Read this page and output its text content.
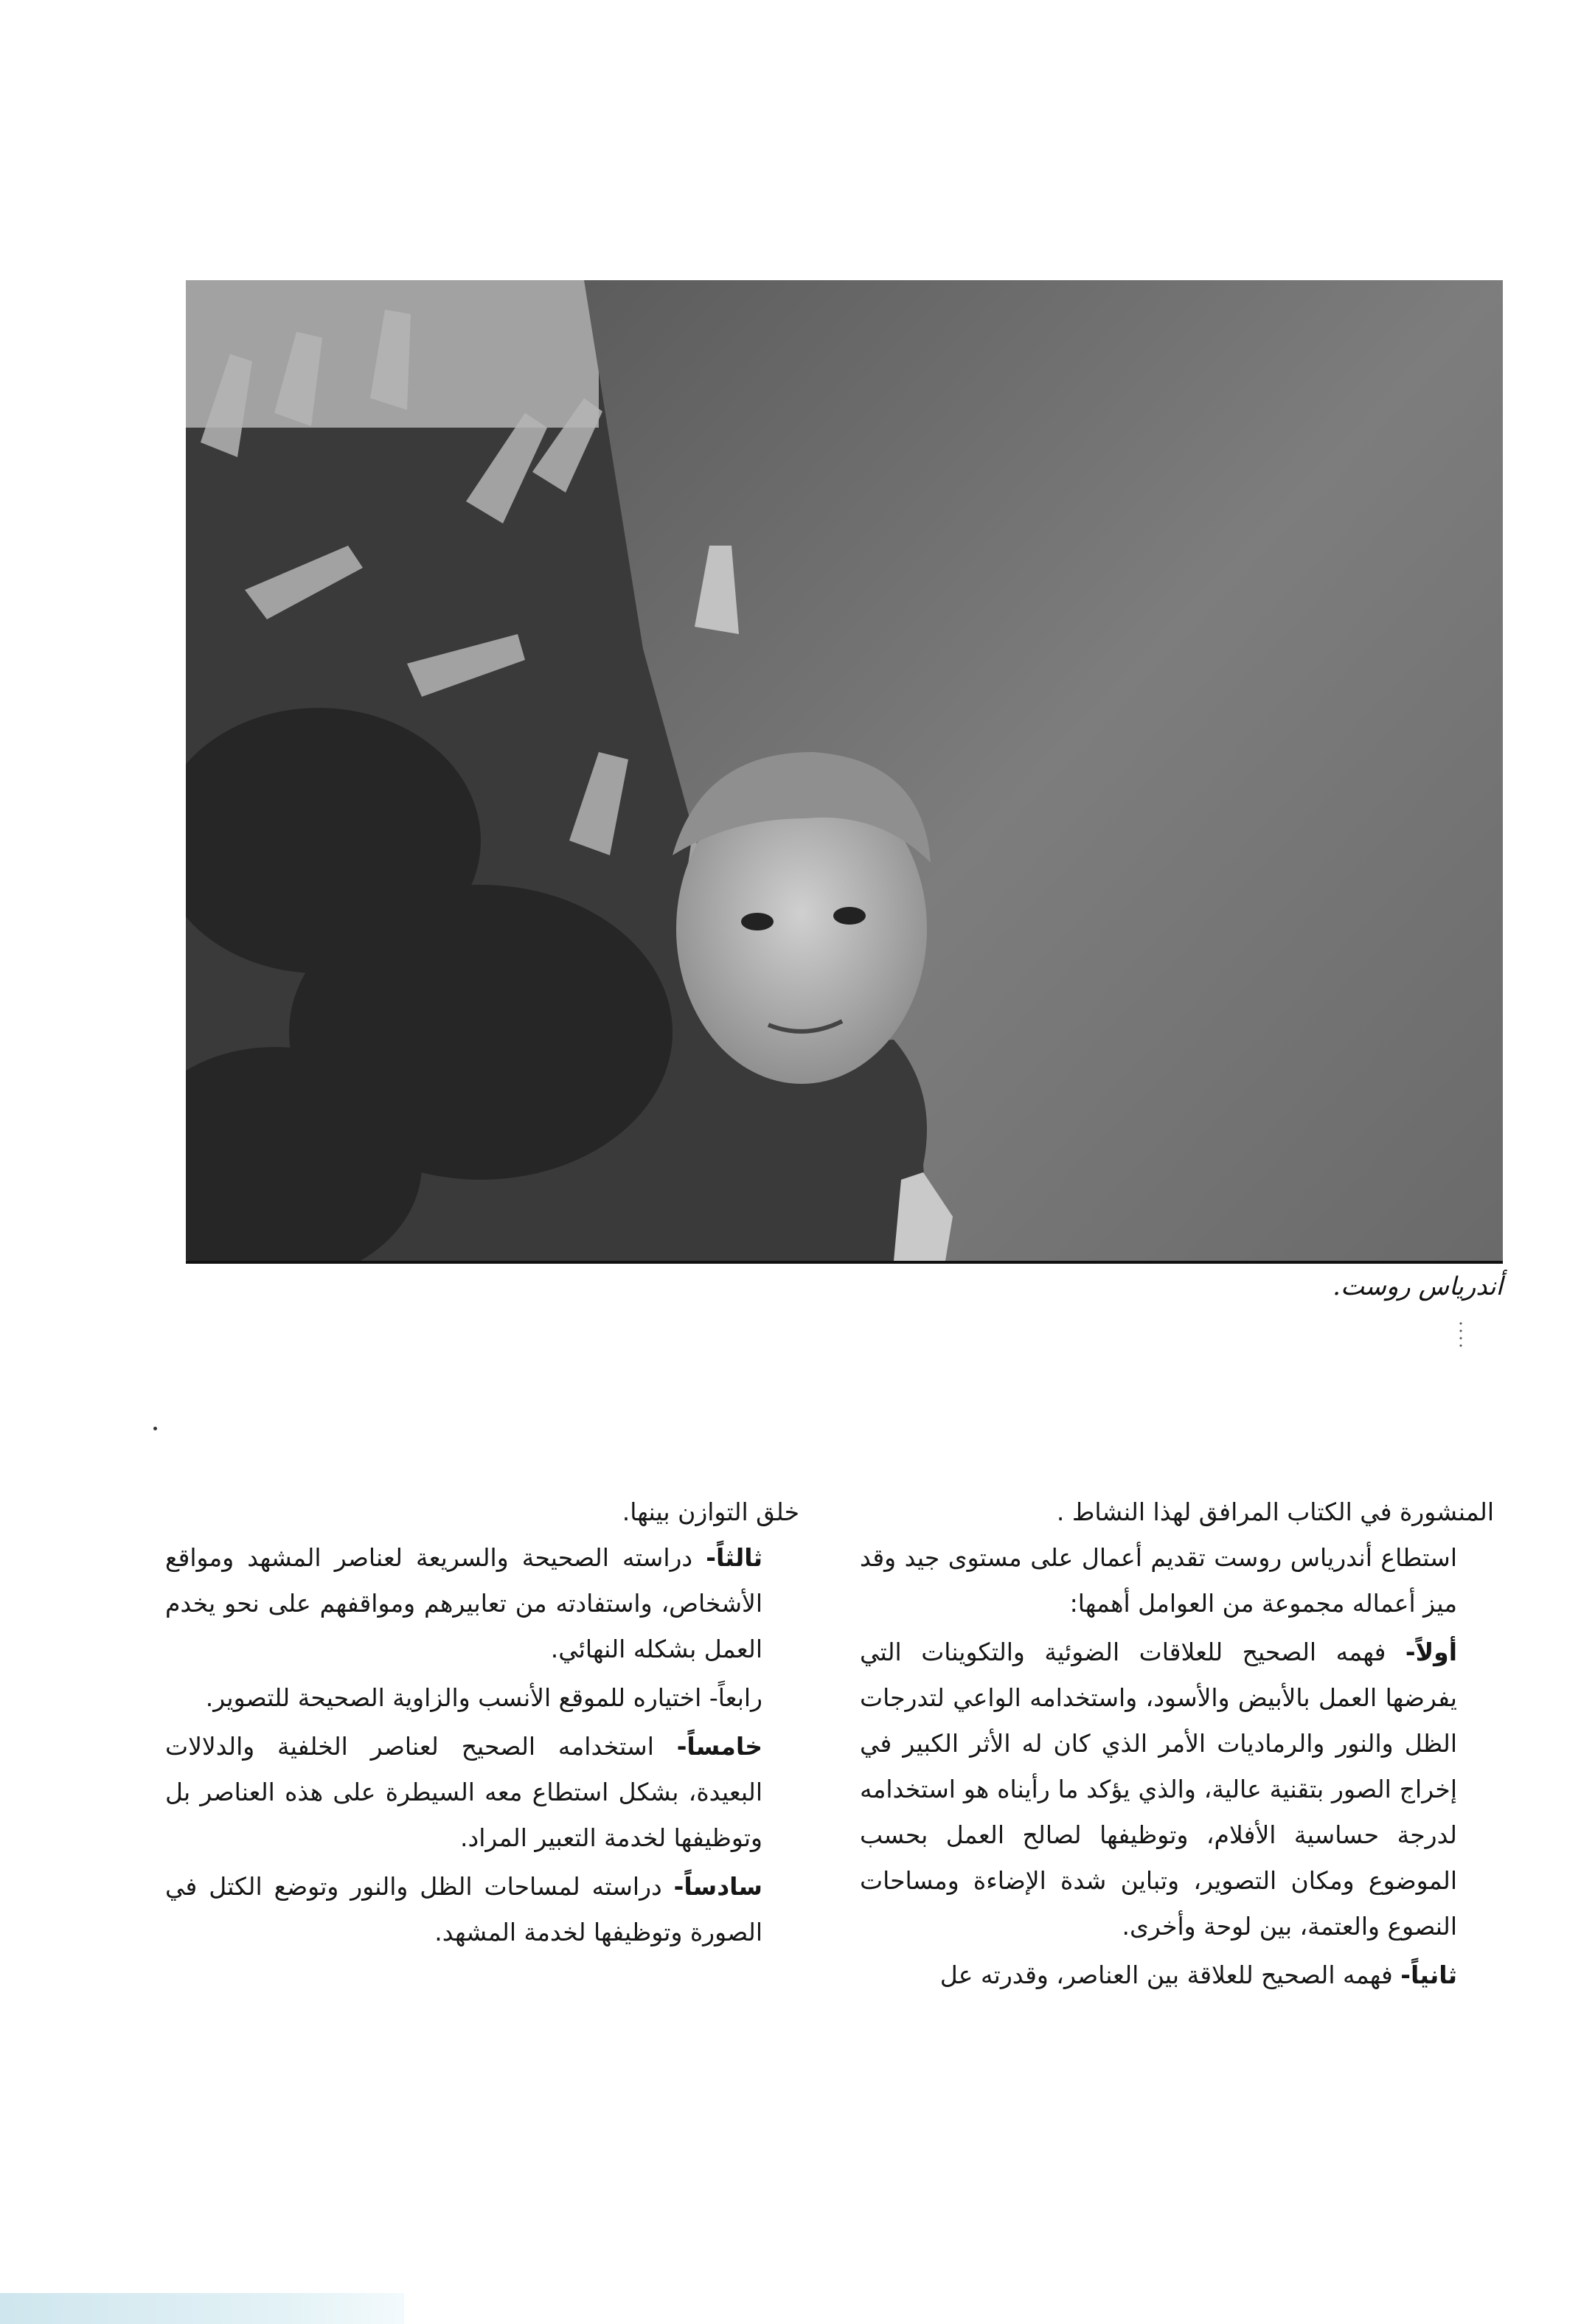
أندرياس روست.

المنشورة في الكتاب المرافق لهذا النشاط .

استطاع أندرياس روست تقديم أعمال على مستوى جيد وقد ميز أعماله مجموعة من العوامل أهمها:

أولاً- فهمه الصحيح للعلاقات الضوئية والتكوينات التي يفرضها العمل بالأبيض والأسود، واستخدامه الواعي لتدرجات الظل والنور والرماديات الأمر الذي كان له الأثر الكبير في إخراج الصور بتقنية عالية، والذي يؤكد ما رأيناه هو استخدامه لدرجة حساسية الأفلام، وتوظيفها لصالح العمل بحسب الموضوع ومكان التصوير، وتباين شدة الإضاءة ومساحات النصوع والعتمة، بين لوحة وأخرى.

ثانياً- فهمه الصحيح للعلاقة بين العناصر، وقدرته عل

خلق التوازن بينها.

ثالثاً- دراسته الصحيحة والسريعة لعناصر المشهد ومواقع الأشخاص، واستفادته من تعابيرهم ومواقفهم على نحو يخدم العمل بشكله النهائي.

رابعاً- اختياره للموقع الأنسب والزاوية الصحيحة للتصوير.

خامساً- استخدامه الصحيح لعناصر الخلفية والدلالات البعيدة، بشكل استطاع معه السيطرة على هذه العناصر بل وتوظيفها لخدمة التعبير المراد.

سادساً- دراسته لمساحات الظل والنور وتوضع الكتل في الصورة وتوظيفها لخدمة المشهد.
